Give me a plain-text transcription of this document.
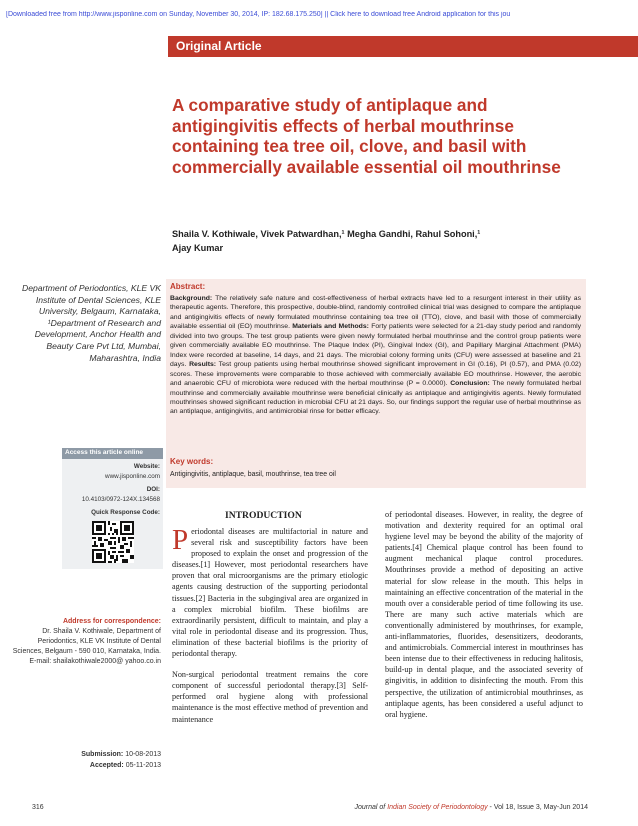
[Downloaded free from http://www.jisponline.com on Sunday, November 30, 2014, IP: 182.68.175.250] || Click here to download free Android application for this jou
Original Article
A comparative study of antiplaque and antigingivitis effects of herbal mouthrinse containing tea tree oil, clove, and basil with commercially available essential oil mouthrinse
Shaila V. Kothiwale, Vivek Patwardhan,¹ Megha Gandhi, Rahul Sohoni,¹
Ajay Kumar
Department of Periodontics, KLE VK Institute of Dental Sciences, KLE University, Belgaum, Karnataka, ¹Department of Research and Development, Anchor Health and Beauty Care Pvt Ltd, Mumbai, Maharashtra, India
Abstract:
Background: The relatively safe nature and cost-effectiveness of herbal extracts have led to a resurgent interest in their utility as therapeutic agents. Therefore, this prospective, double-blind, randomly controlled clinical trial was designed to compare the antiplaque and antigingivitis effects of newly formulated mouthrinse containing tea tree oil (TTO), clove, and basil with those of commercially available essential oil (EO) mouthrinse. Materials and Methods: Forty patients were selected for a 21-day study period and randomly divided into two groups. The test group patients were given newly formulated herbal mouthrinse and the control group patients were given commercially available EO mouthrinse. The Plaque Index (PI), Gingival Index (GI), and Papillary Marginal Attachment (PMA) Index were recorded at baseline, 14 days, and 21 days. The microbial colony forming units (CFU) were assessed at baseline and 21 days. Results: Test group patients using herbal mouthrinse showed significant improvement in GI (0.16), PI (0.57), and PMA (0.02) scores. These improvements were comparable to those achieved with commercially available EO mouthrinse. However, the aerobic and anaerobic CFU of microbiota were reduced with the herbal mouthrinse (P = 0.0000). Conclusion: The newly formulated herbal mouthrinse and commercially available mouthrinse were beneficial clinically as antiplaque and antigingivitis agents. Newly formulated mouthrinses showed significant reduction in microbial CFU at 21 days. So, our findings support the regular use of herbal mouthrinse as an antiplaque, antigingivitis, and antimicrobial rinse for better efficacy.
Key words:
Antigingivitis, antiplaque, basil, mouthrinse, tea tree oil
Access this article online
Website:
www.jisponline.com
DOI:
10.4103/0972-124X.134568
Quick Response Code:
Address for correspondence:
Dr. Shaila V. Kothiwale, Department of Periodontics, KLE VK Institute of Dental Sciences, Belgaum - 590 010, Karnataka, India. E-mail: shailakothiwale2000@ yahoo.co.in
Submission: 10-08-2013
Accepted: 05-11-2013
INTRODUCTION

Periodontal diseases are multifactorial in nature and several risk and susceptibility factors have been proposed to explain the onset and progression of the diseases.[1] However, most periodontal researchers have proven that oral microorganisms are the primary etiologic agents causing destruction of the supporting periodontal tissues.[2] Bacteria in the subgingival area are organized in a complex microbial biofilm. These biofilms are extraordinarily persistent, difficult to maintain, and play a vital role in periodontal disease and its progression. Thus, elimination of these bacterial biofilms is the priority of periodontal therapy.

Non-surgical periodontal treatment remains the core component of successful periodontal therapy.[3] Self-performed oral hygiene along with professional maintenance is the most effective method of prevention and maintenance

of periodontal diseases. However, in reality, the degree of motivation and dexterity required for an optimal oral hygiene level may be beyond the ability of the majority of patients.[4] Chemical plaque control has been found to augment mechanical plaque control procedures. Mouthrinses provide a method of depositing an active material for slow release in the mouth. This helps in maintaining an effective concentration of the material in the mouth over a considerable period of time following its use. There are many such active materials which are conventionally administered by mouthrinses, for example, anti-inflammatories, fluorides, desensitizers, deodorants, and antimicrobials. Commercial interest in mouthrinses has been intense due to their effectiveness in reducing halitosis, build-up in dental plaque, and the associated severity of gingivitis, in addition to disinfecting the mouth. From this perspective, the utilization of antimicrobial mouthrinses, as antiplaque agents, has been considered a useful adjunct to oral hygiene.

316	Journal of Indian Society of Periodontology - Vol 18, Issue 3, May-Jun 2014
